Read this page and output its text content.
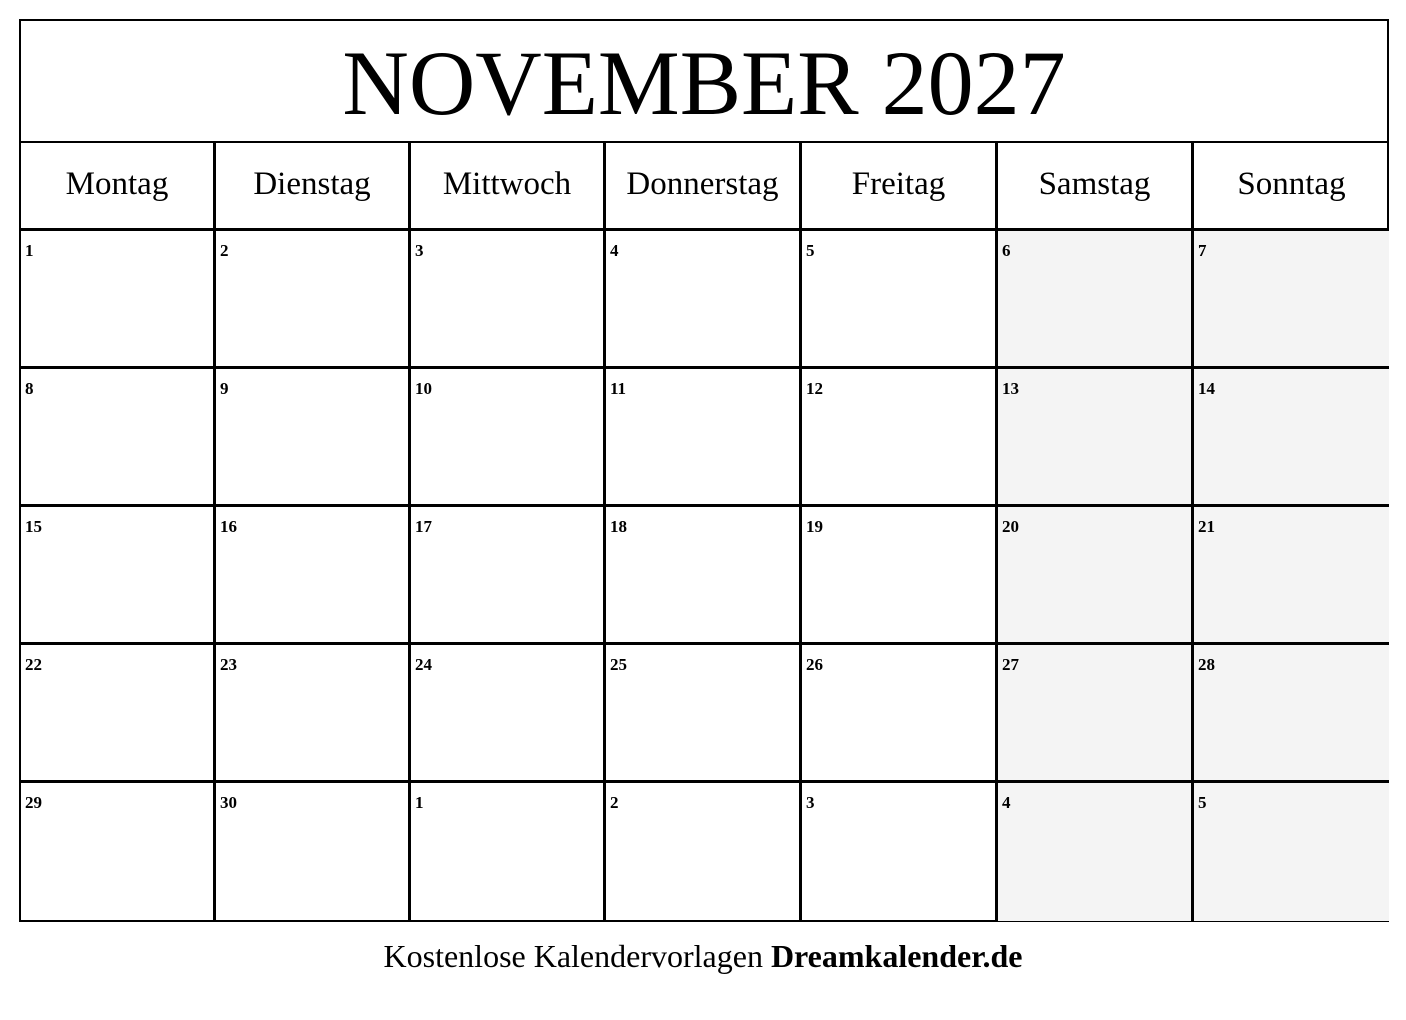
NOVEMBER 2027
Montag	Dienstag	Mittwoch	Donnerstag	Freitag	Samstag	Sonntag
1	2	3	4	5	6	7
8	9	10	11	12	13	14
15	16	17	18	19	20	21
22	23	24	25	26	27	28
29	30	1	2	3	4	5
Kostenlose Kalendervorlagen Dreamkalender.de
